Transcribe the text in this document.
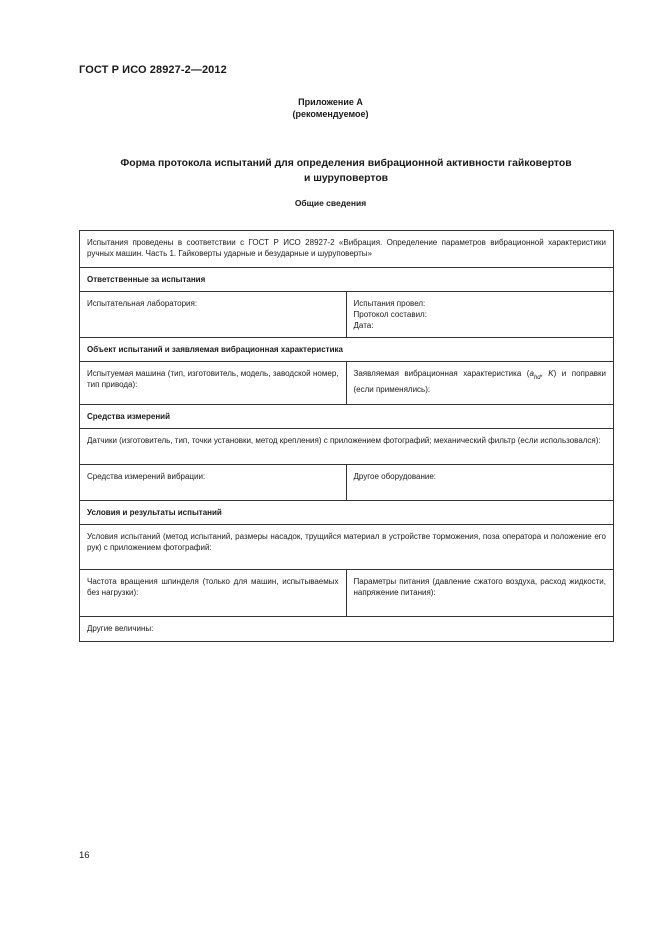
ГОСТ Р ИСО 28927-2—2012
Приложение А
(рекомендуемое)
Форма протокола испытаний для определения вибрационной активности гайковертов
и шуруповертов
Общие сведения
Испытания проведены в соответствии с ГОСТ Р ИСО 28927-2 «Вибрация. Определение параметров вибрационной характеристики ручных машин. Часть 1. Гайковерты ударные и безударные и шуруповерты»	
Ответственные за испытания	
Испытательная лаборатория:	Испытания провел:
Протокол составил:
Дата:

Объект испытаний и заявляемая вибрационная характеристика	
Испытуемая машина (тип, изготовитель, модель, заводской номер, тип привода):	Заявляемая вибрационная характеристика ($a_{hd}$, K) и поправки (если применялись):
Средства измерений	
Датчики (изготовитель, тип, точки установки, метод крепления) с приложением фотографий; механический фильтр (если использовался):	
Средства измерений вибрации:	Другое оборудование:
Условия и результаты испытаний	
Условия испытаний (метод испытаний, размеры насадок, трущийся материал в устройстве торможения, поза оператора и положение его рук) с приложением фотографий:	
Частота вращения шпинделя (только для машин, испытываемых без нагрузки):	Параметры питания (давление сжатого воздуха, расход жидкости, напряжение питания):
Другие величины:	
16
